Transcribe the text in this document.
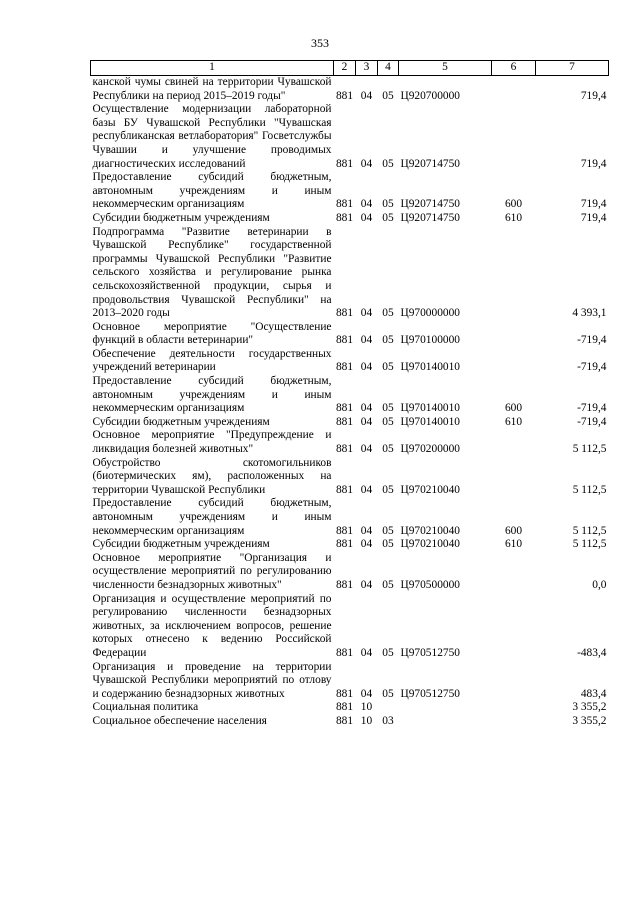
353
1	2	3	4	5	6	7
канской чумы свиней на территории Чувашской Республики на период 2015–2019 годы"	881	04	05	Ц920700000		719,4
Осуществление модернизации лабораторной базы БУ Чувашской Республики "Чувашская республиканская ветлаборатория" Госветслужбы Чувашии и улучшение проводимых диагностических исследований	881	04	05	Ц920714750		719,4
Предоставление субсидий бюджетным, автономным учреждениям и иным некоммерческим организациям	881	04	05	Ц920714750	600	719,4
Субсидии бюджетным учреждениям	881	04	05	Ц920714750	610	719,4
Подпрограмма "Развитие ветеринарии в Чувашской Республике" государственной программы Чувашской Республики "Развитие сельского хозяйства и регулирование рынка сельскохозяйственной продукции, сырья и продовольствия Чувашской Республики" на 2013–2020 годы	881	04	05	Ц970000000		4 393,1
Основное мероприятие "Осуществление функций в области ветеринарии"	881	04	05	Ц970100000		-719,4
Обеспечение деятельности государственных учреждений ветеринарии	881	04	05	Ц970140010		-719,4
Предоставление субсидий бюджетным, автономным учреждениям и иным некоммерческим организациям	881	04	05	Ц970140010	600	-719,4
Субсидии бюджетным учреждениям	881	04	05	Ц970140010	610	-719,4
Основное мероприятие "Предупреждение и ликвидация болезней животных"	881	04	05	Ц970200000		5 112,5
Обустройство скотомогильников (биотермических ям), расположенных на территории Чувашской Республики	881	04	05	Ц970210040		5 112,5
Предоставление субсидий бюджетным, автономным учреждениям и иным некоммерческим организациям	881	04	05	Ц970210040	600	5 112,5
Субсидии бюджетным учреждениям	881	04	05	Ц970210040	610	5 112,5
Основное мероприятие "Организация и осуществление мероприятий по регулированию численности безнадзорных животных"	881	04	05	Ц970500000		0,0
Организация и осуществление мероприятий по регулированию численности безнадзорных животных, за исключением вопросов, решение которых отнесено к ведению Российской Федерации	881	04	05	Ц970512750		-483,4
Организация и проведение на территории Чувашской Республики мероприятий по отлову и содержанию безнадзорных животных	881	04	05	Ц970512750		483,4
Социальная политика	881	10				3 355,2
Социальное обеспечение населения	881	10	03			3 355,2
